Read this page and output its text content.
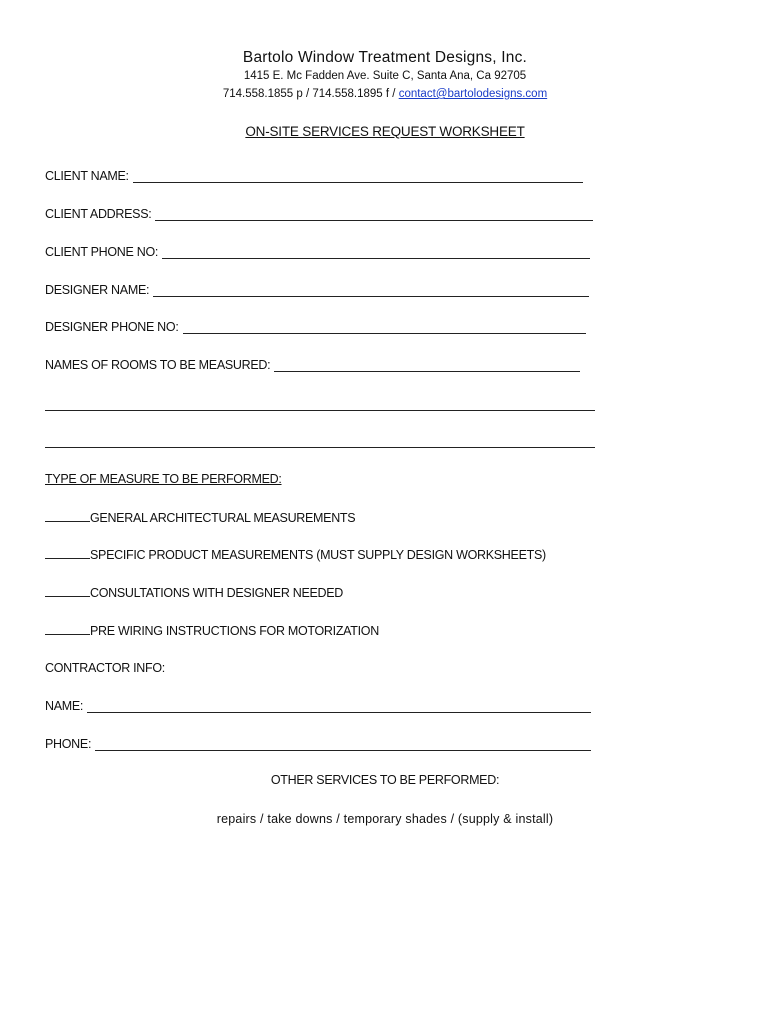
Bartolo Window Treatment Designs, Inc.
1415 E. Mc Fadden Ave. Suite C, Santa Ana, Ca 92705
714.558.1855 p / 714.558.1895 f / contact@bartolodesigns.com
ON-SITE SERVICES REQUEST WORKSHEET
CLIENT NAME:
CLIENT ADDRESS:
CLIENT PHONE NO:
DESIGNER NAME:
DESIGNER PHONE NO:
NAMES OF ROOMS TO BE MEASURED:
TYPE OF MEASURE TO BE PERFORMED:
GENERAL ARCHITECTURAL MEASUREMENTS
SPECIFIC PRODUCT MEASUREMENTS (MUST SUPPLY DESIGN WORKSHEETS)
CONSULTATIONS WITH DESIGNER NEEDED
PRE WIRING INSTRUCTIONS FOR MOTORIZATION
CONTRACTOR INFO:
NAME:
PHONE:
OTHER SERVICES TO BE PERFORMED:
repairs / take downs / temporary shades / (supply & install)
